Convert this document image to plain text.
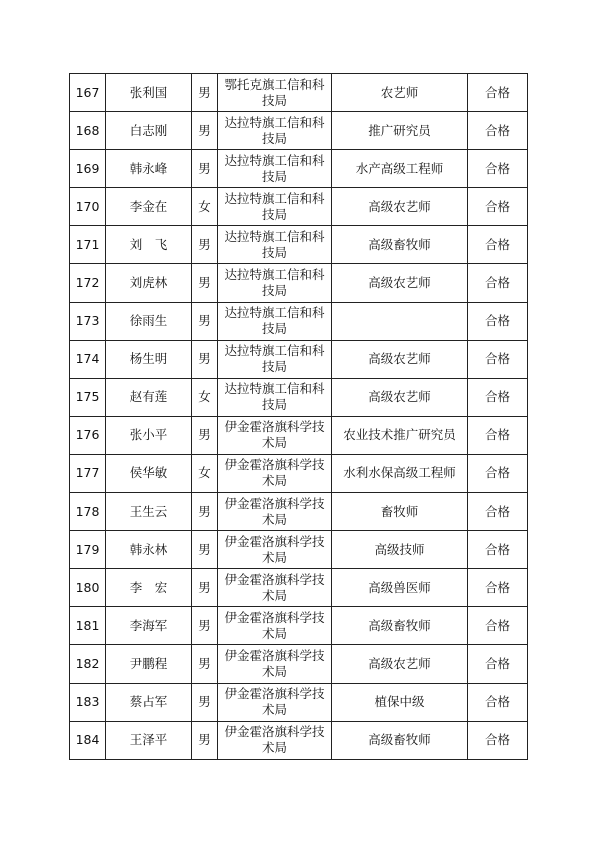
167	张利国	男	鄂托克旗工信和科技局	农艺师	合格
168	白志刚	男	达拉特旗工信和科技局	推广研究员	合格
169	韩永峰	男	达拉特旗工信和科技局	水产高级工程师	合格
170	李金在	女	达拉特旗工信和科技局	高级农艺师	合格
171	刘　飞	男	达拉特旗工信和科技局	高级畜牧师	合格
172	刘虎林	男	达拉特旗工信和科技局	高级农艺师	合格
173	徐雨生	男	达拉特旗工信和科技局		合格
174	杨生明	男	达拉特旗工信和科技局	高级农艺师	合格
175	赵有莲	女	达拉特旗工信和科技局	高级农艺师	合格
176	张小平	男	伊金霍洛旗科学技术局	农业技术推广研究员	合格
177	侯华敏	女	伊金霍洛旗科学技术局	水利水保高级工程师	合格
178	王生云	男	伊金霍洛旗科学技术局	畜牧师	合格
179	韩永林	男	伊金霍洛旗科学技术局	高级技师	合格
180	李　宏	男	伊金霍洛旗科学技术局	高级兽医师	合格
181	李海军	男	伊金霍洛旗科学技术局	高级畜牧师	合格
182	尹鹏程	男	伊金霍洛旗科学技术局	高级农艺师	合格
183	蔡占军	男	伊金霍洛旗科学技术局	植保中级	合格
184	王泽平	男	伊金霍洛旗科学技术局	高级畜牧师	合格
